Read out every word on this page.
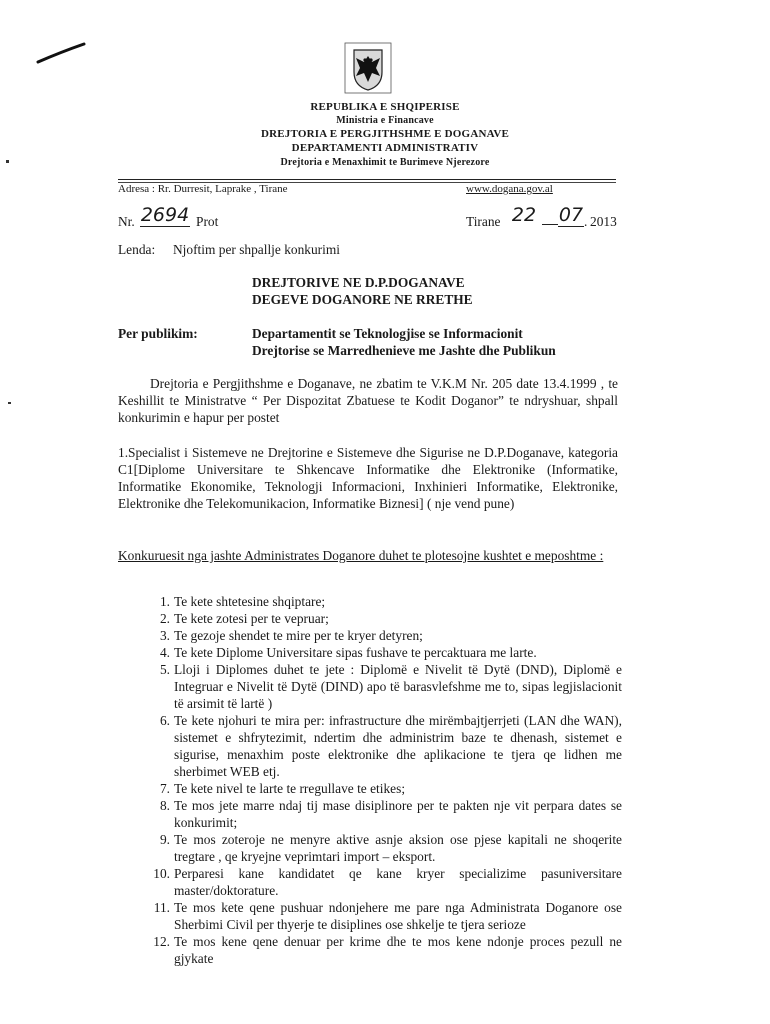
REPUBLIKA E SHQIPERISE
Ministria e Financave
DREJTORIA E PERGJITHSHME E DOGANAVE
DEPARTAMENTI ADMINISTRATIV
Drejtoria e Menaxhimit te Burimeve Njerezore
Adresa : Rr. Durresit, Laprake , Tirane	www.dogana.gov.al
Nr. 2694 Prot	Tirane 22	07 . 2013
Lenda: Njoftim per shpallje konkurimi
DREJTORIVE NE D.P.DOGANAVE
DEGEVE DOGANORE NE RRETHE
Per publikim:	Departamentit se Teknologjise se Informacionit
Drejtorise se Marredhenieve me Jashte dhe Publikun
Drejtoria e Pergjithshme e Doganave, ne zbatim te V.K.M Nr. 205 date 13.4.1999 , te Keshillit te Ministratve “ Per Dispozitat Zbatuese te Kodit Doganor” te ndryshuar, shpall konkurimin e hapur per postet
1.Specialist i Sistemeve ne Drejtorine e Sistemeve dhe Sigurise ne D.P.Doganave, kategoria C1[Diplome Universitare te Shkencave Informatike dhe Elektronike (Informatike, Informatike Ekonomike, Teknologji Informacioni, Inxhinieri Informatike, Elektronike, Elektronike dhe Telekomunikacion, Informatike Biznesi] ( nje vend pune)
Konkuruesit nga jashte Administrates Doganore duhet te plotesojne kushtet e meposhtme :
1. Te kete shtetesine shqiptare;
2. Te kete zotesi per te vepruar;
3. Te gezoje shendet te mire per te kryer detyren;
4. Te kete Diplome Universitare sipas fushave te percaktuara me larte.
5. Lloji i Diplomes duhet te jete : Diplomë e Nivelit të Dytë (DND), Diplomë e Integruar e Nivelit të Dytë (DIND) apo të barasvlefshme me to, sipas legjislacionit të arsimit të lartë )
6. Te kete njohuri te mira per: infrastructure dhe mirëmbajtjerrjeti (LAN dhe WAN), sistemet e shfrytezimit, ndertim dhe administrim baze te dhenash, sistemet e sigurise, menaxhim poste elektronike dhe aplikacione te tjera qe lidhen me sherbimet WEB etj.
7. Te kete nivel te larte te rregullave te etikes;
8. Te mos jete marre ndaj tij mase disiplinore per te pakten nje vit perpara dates se konkurimit;
9. Te mos zoteroje ne menyre aktive asnje aksion ose pjese kapitali ne shoqerite tregtare , qe kryejne veprimtari import – eksport.
10. Perparesi kane kandidatet qe kane kryer specializime pasuniversitare master/doktorature.
11. Te mos kete qene pushuar ndonjehere me pare nga Administrata Doganore ose Sherbimi Civil per thyerje te disiplines ose shkelje te tjera serioze
12. Te mos kene qene denuar per krime dhe te mos kene ndonje proces pezull ne gjykate
